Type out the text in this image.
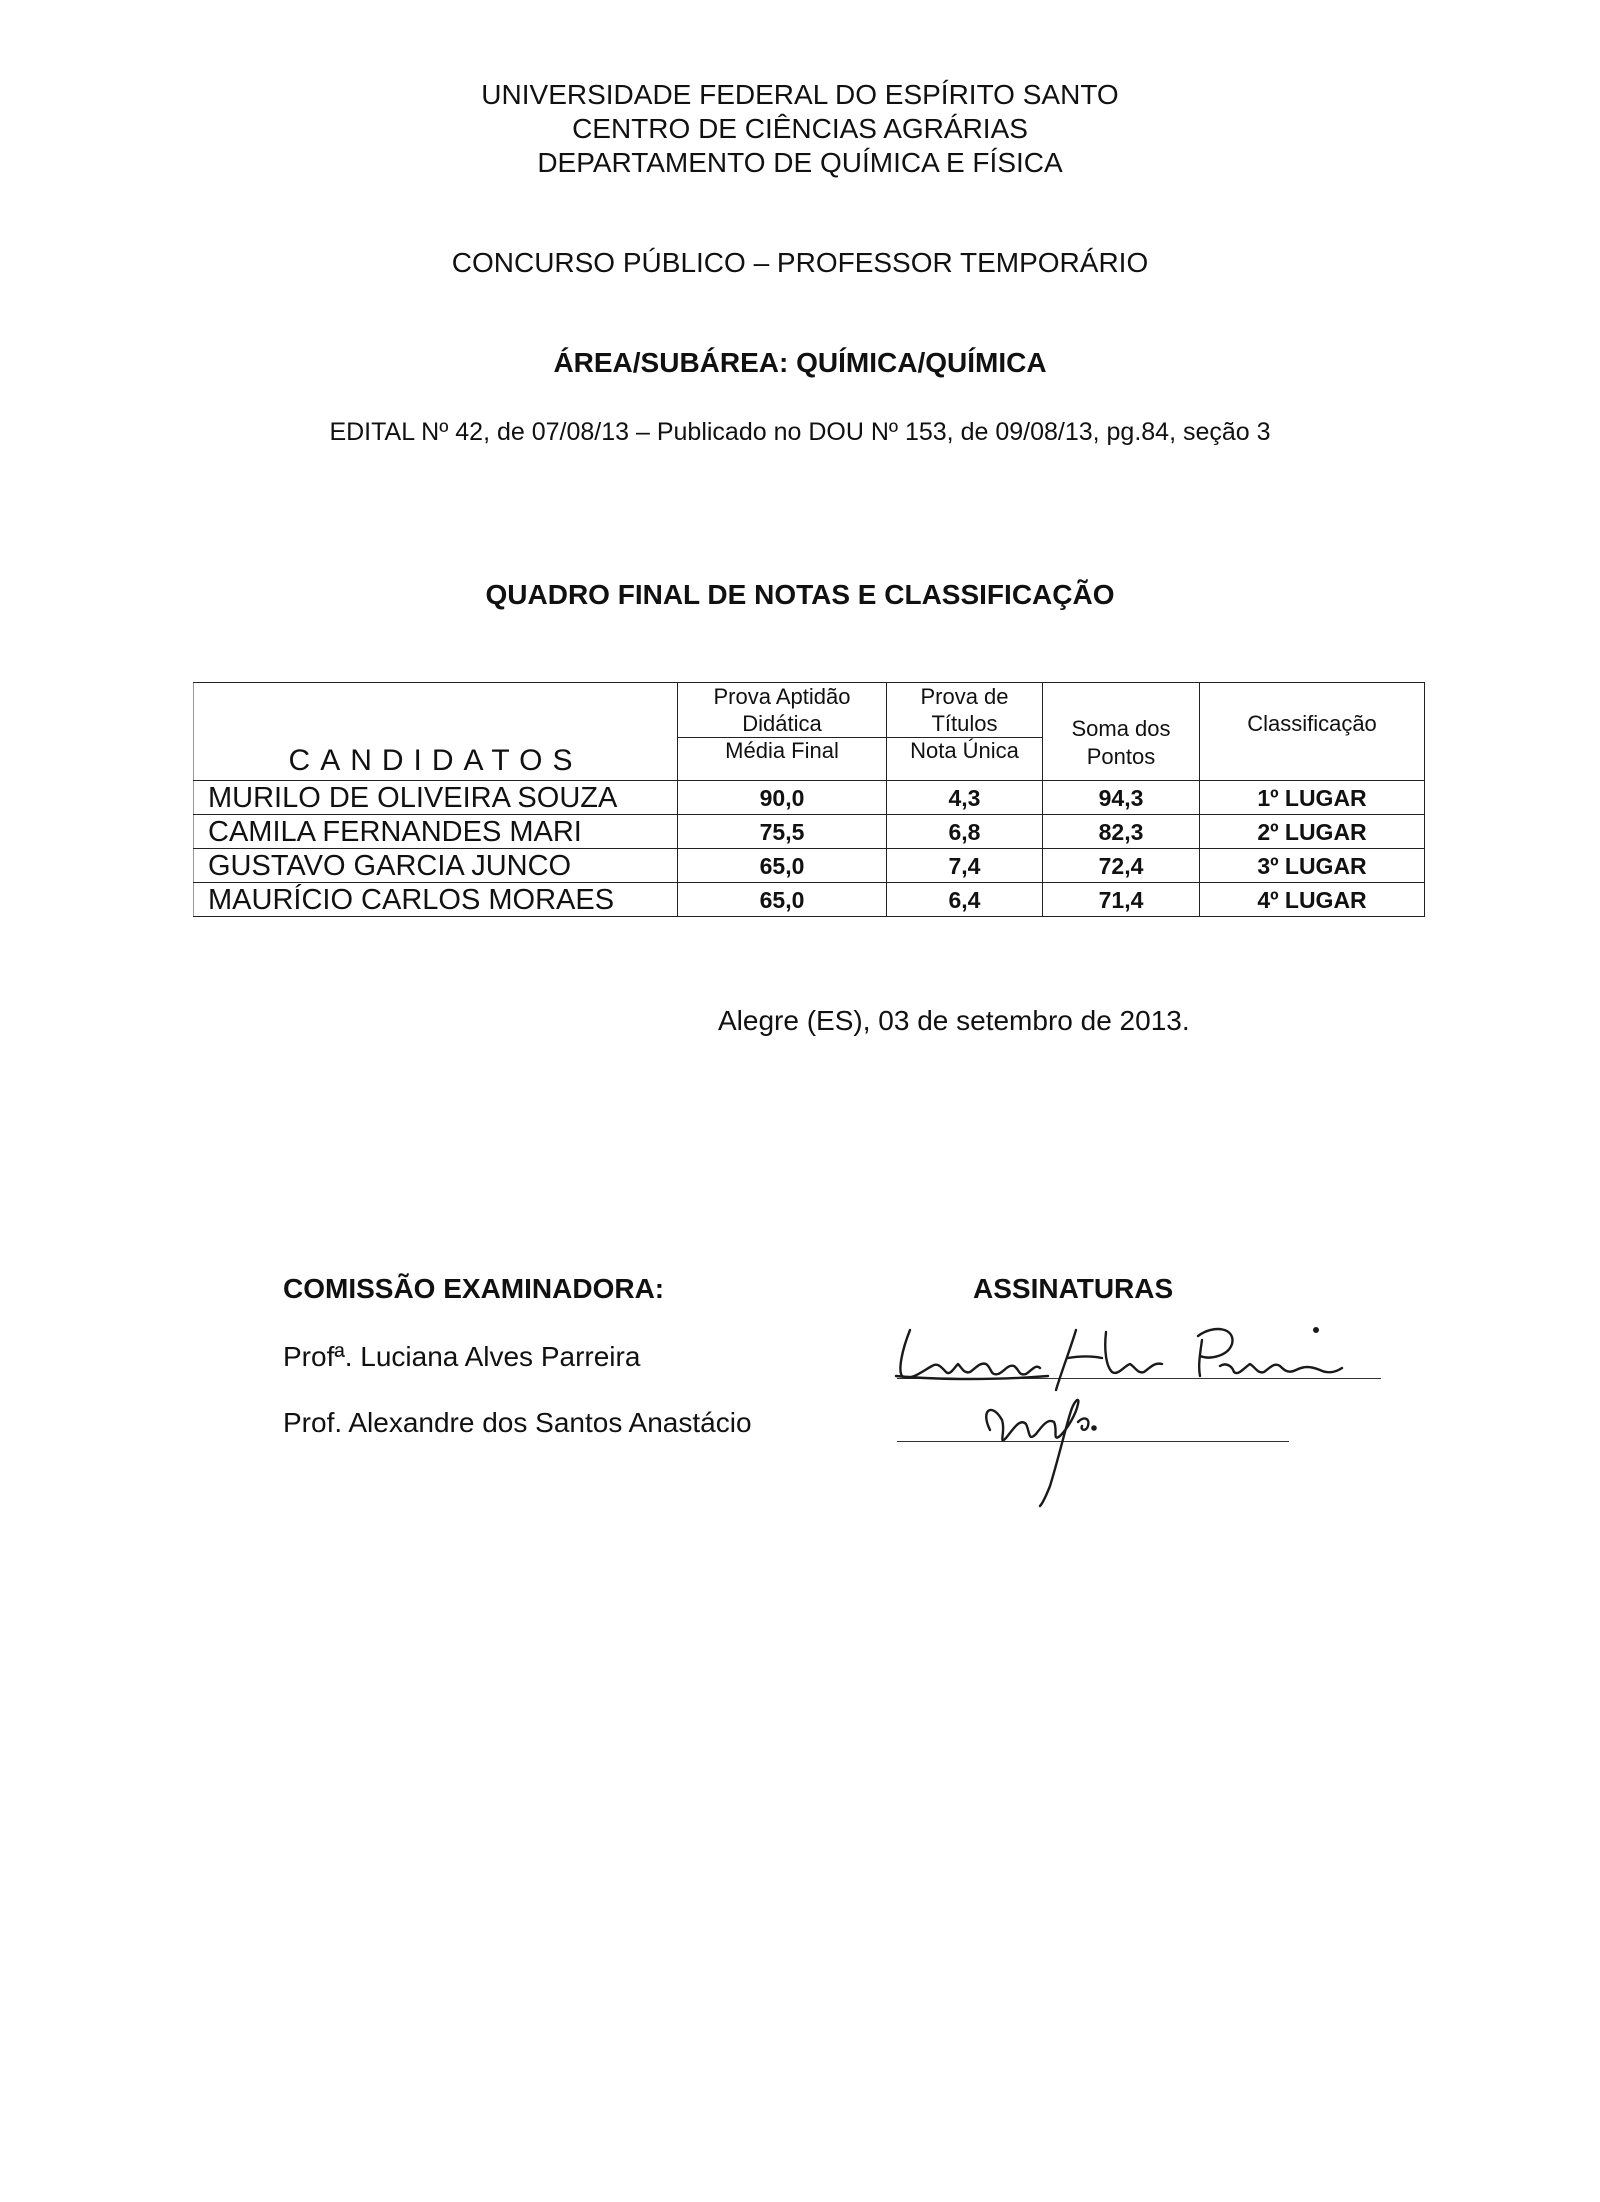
UNIVERSIDADE FEDERAL DO ESPÍRITO SANTO
CENTRO DE CIÊNCIAS AGRÁRIAS
DEPARTAMENTO DE QUÍMICA E FÍSICA
CONCURSO PÚBLICO – PROFESSOR TEMPORÁRIO
ÁREA/SUBÁREA: QUÍMICA/QUÍMICA
EDITAL Nº 42, de 07/08/13 – Publicado no DOU Nº 153, de 09/08/13, pg.84, seção 3
QUADRO FINAL DE NOTAS E CLASSIFICAÇÃO
CANDIDATOS	Prova Aptidão Didática	Prova de Títulos	Soma dos Pontos	Classificação
	Média Final	Nota Única		
MURILO DE OLIVEIRA SOUZA	90,0	4,3	94,3	1º LUGAR
CAMILA FERNANDES MARI	75,5	6,8	82,3	2º LUGAR
GUSTAVO GARCIA JUNCO	65,0	7,4	72,4	3º LUGAR
MAURÍCIO CARLOS MORAES	65,0	6,4	71,4	4º LUGAR
Alegre (ES), 03 de setembro de 2013.
COMISSÃO EXAMINADORA:
Profª. Luciana Alves Parreira
Prof. Alexandre dos Santos Anastácio
ASSINATURAS
